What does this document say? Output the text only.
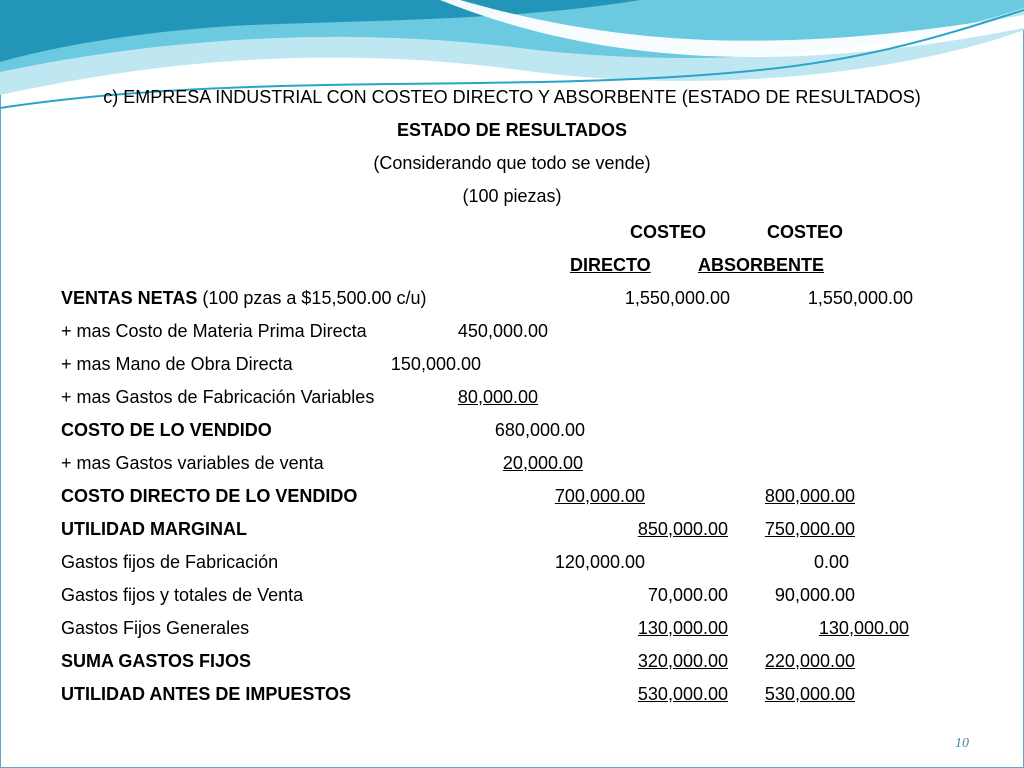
c) EMPRESA INDUSTRIAL CON COSTEO DIRECTO Y ABSORBENTE (ESTADO DE RESULTADOS)
ESTADO DE RESULTADOS
(Considerando que todo se vende)
(100 piezas)
COSTEO	COSTEO
DIRECTO	ABSORBENTE
VENTAS NETAS (100 pzas a $15,500.00 c/u)	1,550,000.00	1,550,000.00
+ mas Costo de Materia Prima Directa	450,000.00
+ mas Mano de Obra Directa	150,000.00
+ mas Gastos de Fabricación Variables	80,000.00
COSTO DE LO VENDIDO	680,000.00
+ mas Gastos variables de venta	20,000.00
COSTO DIRECTO DE LO VENDIDO	700,000.00	800,000.00
UTILIDAD MARGINAL	850,000.00	750,000.00
Gastos fijos de Fabricación	120,000.00	0.00
Gastos fijos y totales de Venta	70,000.00	90,000.00
Gastos Fijos Generales	130,000.00	130,000.00
SUMA GASTOS FIJOS	320,000.00	220,000.00
UTILIDAD ANTES DE IMPUESTOS	530,000.00	530,000.00
10
